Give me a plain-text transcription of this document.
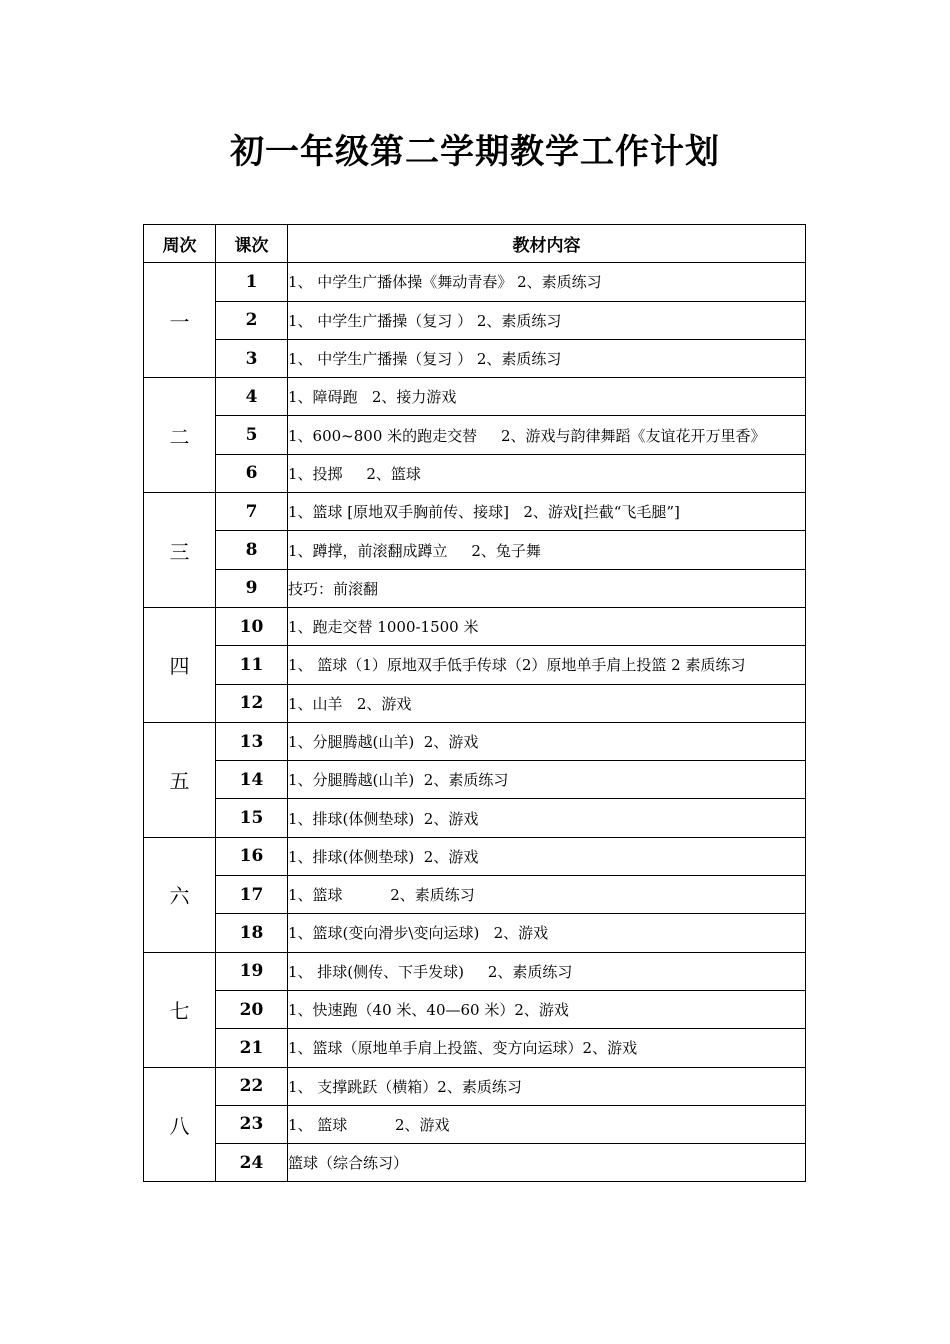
初一年级第二学期教学工作计划
周次	课次	教材内容
一	1	1、 中学生广播体操《舞动青春》 2、素质练习
	2	1、 中学生广播操（复习 ） 2、素质练习
	3	1、 中学生广播操（复习 ） 2、素质练习
二	4	1、障碍跑   2、接力游戏
	5	1、600~800 米的跑走交替     2、游戏与韵律舞蹈《友谊花开万里香》
	6	1、投掷     2、篮球
三	7	1、篮球 [原地双手胸前传、接球]   2、游戏[拦截“飞毛腿”]
	8	1、蹲撑，前滚翻成蹲立     2、兔子舞
	9	技巧：前滚翻
四	10	1、跑走交替 1000-1500 米
	11	1、 篮球（1）原地双手低手传球（2）原地单手肩上投篮 2 素质练习
	12	1、山羊   2、游戏
五	13	1、分腿腾越(山羊)  2、游戏
	14	1、分腿腾越(山羊)  2、素质练习
	15	1、排球(体侧垫球)  2、游戏
六	16	1、排球(体侧垫球)  2、游戏
	17	1、篮球          2、素质练习
	18	1、篮球(变向滑步\变向运球)   2、游戏
七	19	1、 排球(侧传、下手发球)     2、素质练习
	20	1、快速跑（40 米、40—60 米）2、游戏
	21	1、篮球（原地单手肩上投篮、变方向运球）2、游戏
八	22	1、 支撑跳跃（横箱）2、素质练习
	23	1、 篮球          2、游戏
	24	篮球（综合练习）
